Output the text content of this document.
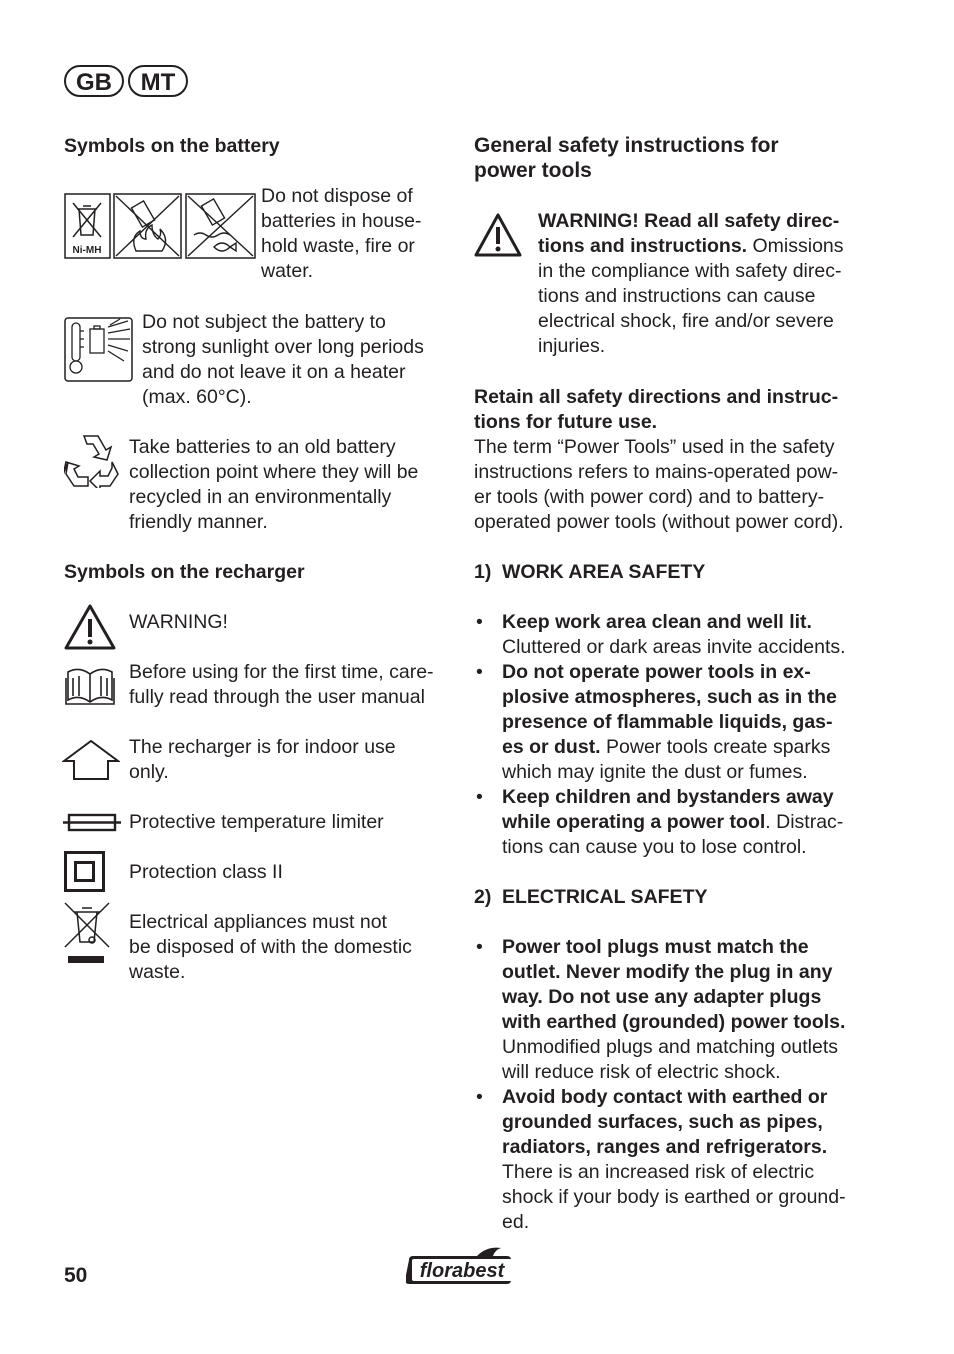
GB	MT
Symbols on the battery
Ni-MH
Do not dispose of
batteries in house-
hold waste, fire or
water.
Do not subject the battery to
strong sunlight over long periods
and do not leave it on a heater
(max. 60°C).
Take batteries to an old battery
collection point where they will be
recycled in an environmentally
friendly manner.
Symbols on the recharger
WARNING!
Before using for the first time, care-
fully read through the user manual
The recharger is for indoor use
only.
Protective temperature limiter
Protection class II
Electrical appliances must not
be disposed of with the domestic
waste.
General safety instructions for
power tools
WARNING! Read all safety direc-
tions and instructions. Omissions
in the compliance with safety direc-
tions and instructions can cause
electrical shock, fire and/or severe
injuries.
Retain all safety directions and instruc-
tions for future use.
The term “Power Tools” used in the safety
instructions refers to mains-operated pow-
er tools (with power cord) and to battery-
operated power tools (without power cord).
1) WORK AREA SAFETY
• Keep work area clean and well lit.
Cluttered or dark areas invite accidents.
• Do not operate power tools in ex-
plosive atmospheres, such as in the
presence of flammable liquids, gas-
es or dust. Power tools create sparks
which may ignite the dust or fumes.
• Keep children and bystanders away
while operating a power tool. Distrac-
tions can cause you to lose control.
2) ELECTRICAL SAFETY
• Power tool plugs must match the
outlet. Never modify the plug in any
way. Do not use any adapter plugs
with earthed (grounded) power tools.
Unmodified plugs and matching outlets
will reduce risk of electric shock.
• Avoid body contact with earthed or
grounded surfaces, such as pipes,
radiators, ranges and refrigerators.
There is an increased risk of electric
shock if your body is earthed or ground-
ed.
50	florabest
